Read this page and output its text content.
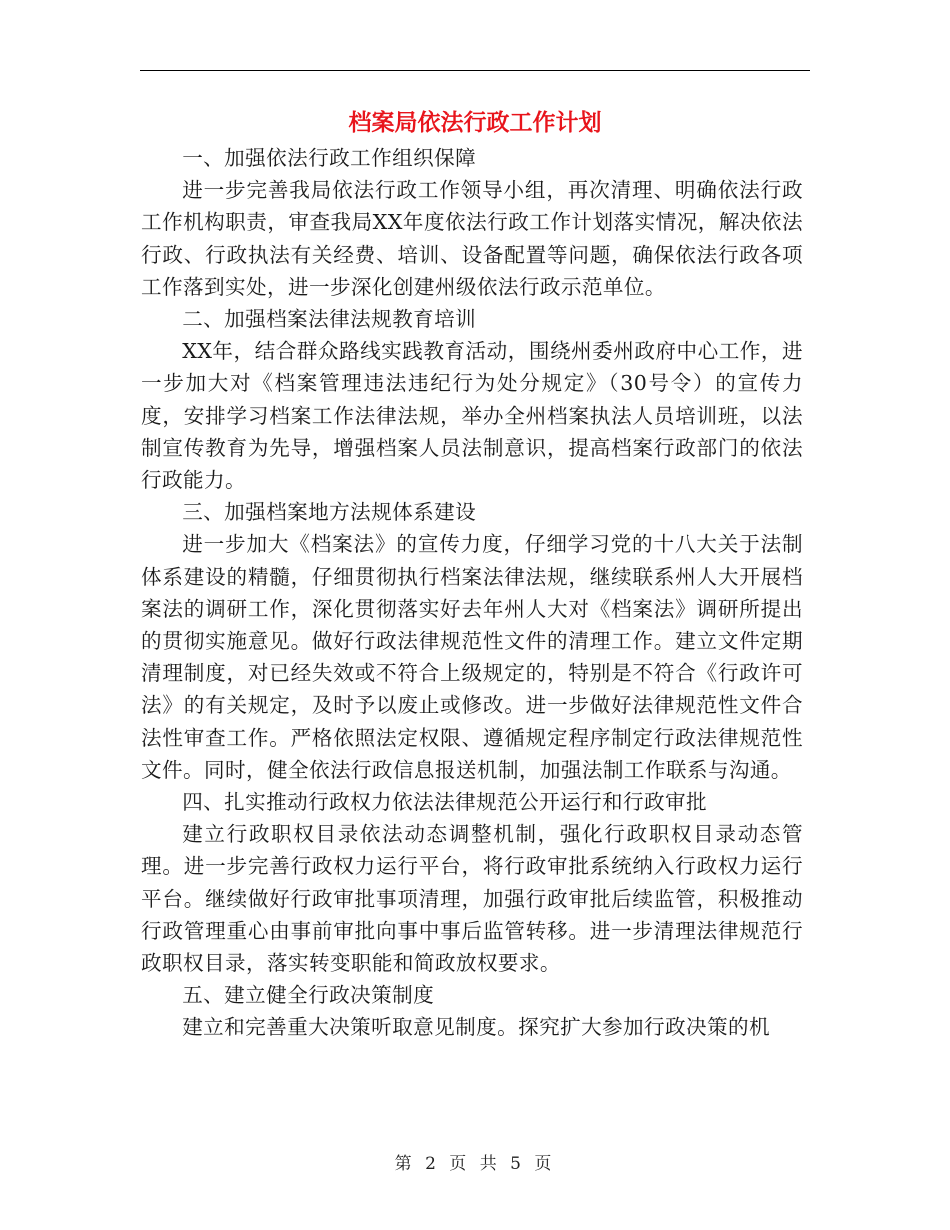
档案局依法行政工作计划

一、加强依法行政工作组织保障

进一步完善我局依法行政工作领导小组，再次清理、明确依法行政工作机构职责，审查我局XX年度依法行政工作计划落实情况，解决依法行政、行政执法有关经费、培训、设备配置等问题，确保依法行政各项工作落到实处，进一步深化创建州级依法行政示范单位。

二、加强档案法律法规教育培训

XX年，结合群众路线实践教育活动，围绕州委州政府中心工作，进一步加大对《档案管理违法违纪行为处分规定》（30号令）的宣传力度，安排学习档案工作法律法规，举办全州档案执法人员培训班，以法制宣传教育为先导，增强档案人员法制意识，提高档案行政部门的依法行政能力。

三、加强档案地方法规体系建设

进一步加大《档案法》的宣传力度，仔细学习党的十八大关于法制体系建设的精髓，仔细贯彻执行档案法律法规，继续联系州人大开展档案法的调研工作，深化贯彻落实好去年州人大对《档案法》调研所提出的贯彻实施意见。做好行政法律规范性文件的清理工作。建立文件定期清理制度，对已经失效或不符合上级规定的，特别是不符合《行政许可法》的有关规定，及时予以废止或修改。进一步做好法律规范性文件合法性审查工作。严格依照法定权限、遵循规定程序制定行政法律规范性文件。同时，健全依法行政信息报送机制，加强法制工作联系与沟通。

四、扎实推动行政权力依法法律规范公开运行和行政审批

建立行政职权目录依法动态调整机制，强化行政职权目录动态管理。进一步完善行政权力运行平台，将行政审批系统纳入行政权力运行平台。继续做好行政审批事项清理，加强行政审批后续监管，积极推动行政管理重心由事前审批向事中事后监管转移。进一步清理法律规范行政职权目录，落实转变职能和简政放权要求。

五、建立健全行政决策制度

建立和完善重大决策听取意见制度。探究扩大参加行政决策的机

第 2 页 共 5 页
